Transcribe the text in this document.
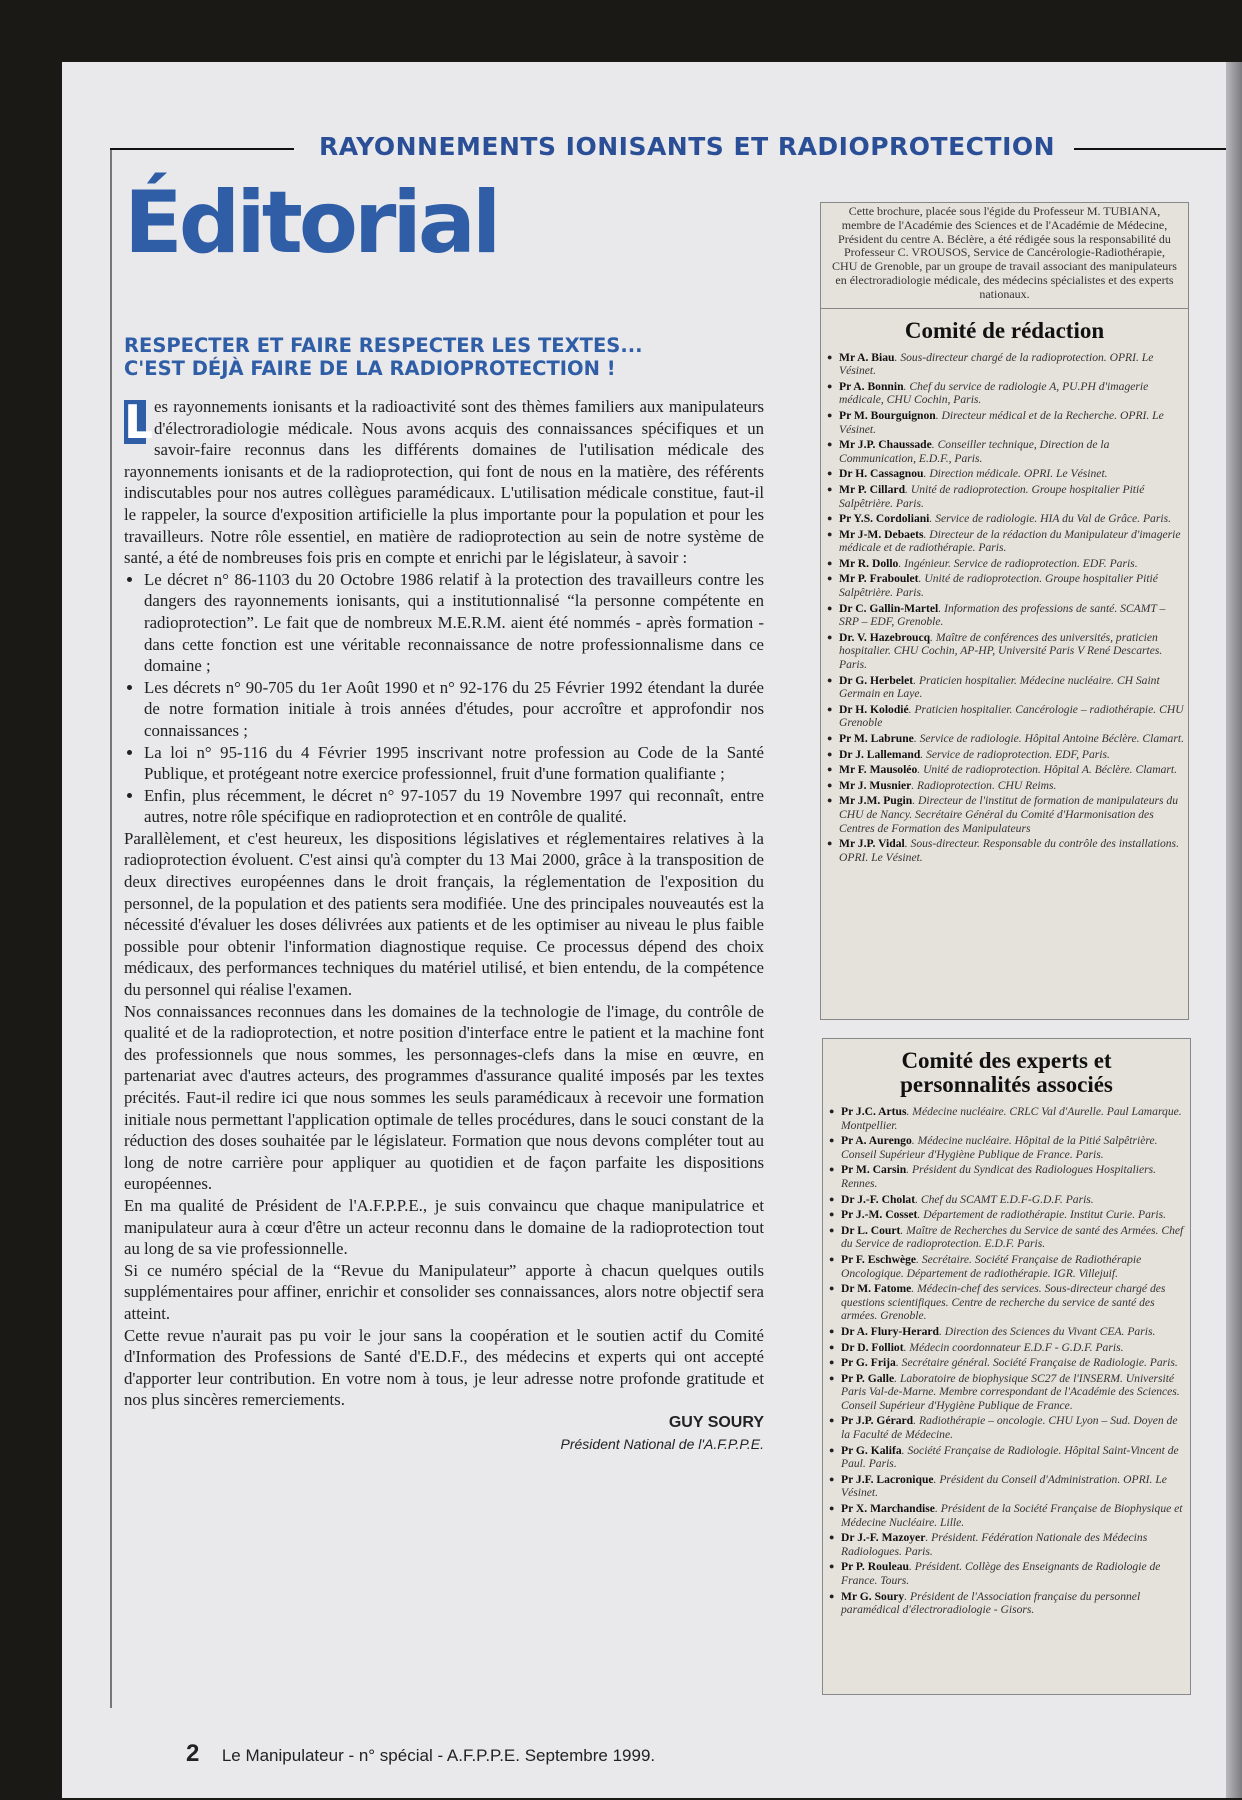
RAYONNEMENTS IONISANTS ET RADIOPROTECTION
Éditorial
RESPECTER ET FAIRE RESPECTER LES TEXTES...
C'EST DÉJÀ FAIRE DE LA RADIOPROTECTION !

L es rayonnements ionisants et la radioactivité sont des thèmes familiers aux manipulateurs d'électroradiologie médicale. Nous avons acquis des connaissances spécifiques et un savoir-faire reconnus dans les différents domaines de l'utilisation médicale des rayonnements ionisants et de la radioprotection, qui font de nous en la matière, des référents indiscutables pour nos autres collègues paramédicaux. L'utilisation médicale constitue, faut-il le rappeler, la source d'exposition artificielle la plus importante pour la population et pour les travailleurs. Notre rôle essentiel, en matière de radioprotection au sein de notre système de santé, a été de nombreuses fois pris en compte et enrichi par le législateur, à savoir :

• Le décret n° 86-1103 du 20 Octobre 1986 relatif à la protection des travailleurs contre les dangers des rayonnements ionisants, qui a institutionnalisé “la personne compétente en radioprotection”. Le fait que de nombreux M.E.R.M. aient été nommés - après formation - dans cette fonction est une véritable reconnaissance de notre professionnalisme dans ce domaine ;
• Les décrets n° 90-705 du 1er Août 1990 et n° 92-176 du 25 Février 1992 étendant la durée de notre formation initiale à trois années d'études, pour accroître et approfondir nos connaissances ;
• La loi n° 95-116 du 4 Février 1995 inscrivant notre profession au Code de la Santé Publique, et protégeant notre exercice professionnel, fruit d'une formation qualifiante ;
• Enfin, plus récemment, le décret n° 97-1057 du 19 Novembre 1997 qui reconnaît, entre autres, notre rôle spécifique en radioprotection et en contrôle de qualité.

Parallèlement, et c'est heureux, les dispositions législatives et réglementaires relatives à la radioprotection évoluent. C'est ainsi qu'à compter du 13 Mai 2000, grâce à la transposition de deux directives européennes dans le droit français, la réglementation de l'exposition du personnel, de la population et des patients sera modifiée. Une des principales nouveautés est la nécessité d'évaluer les doses délivrées aux patients et de les optimiser au niveau le plus faible possible pour obtenir l'information diagnostique requise. Ce processus dépend des choix médicaux, des performances techniques du matériel utilisé, et bien entendu, de la compétence du personnel qui réalise l'examen.

Nos connaissances reconnues dans les domaines de la technologie de l'image, du contrôle de qualité et de la radioprotection, et notre position d'interface entre le patient et la machine font des professionnels que nous sommes, les personnages-clefs dans la mise en œuvre, en partenariat avec d'autres acteurs, des programmes d'assurance qualité imposés par les textes précités. Faut-il redire ici que nous sommes les seuls paramédicaux à recevoir une formation initiale nous permettant l'application optimale de telles procédures, dans le souci constant de la réduction des doses souhaitée par le législateur. Formation que nous devons compléter tout au long de notre carrière pour appliquer au quotidien et de façon parfaite les dispositions européennes.

En ma qualité de Président de l'A.F.P.P.E., je suis convaincu que chaque manipulatrice et manipulateur aura à cœur d'être un acteur reconnu dans le domaine de la radioprotection tout au long de sa vie professionnelle.

Si ce numéro spécial de la “Revue du Manipulateur” apporte à chacun quelques outils supplémentaires pour affiner, enrichir et consolider ses connaissances, alors notre objectif sera atteint.

Cette revue n'aurait pas pu voir le jour sans la coopération et le soutien actif du Comité d'Information des Professions de Santé d'E.D.F., des médecins et experts qui ont accepté d'apporter leur contribution. En votre nom à tous, je leur adresse notre profonde gratitude et nos plus sincères remerciements.

GUY SOURY
Président National de l'A.F.P.P.E.
Cette brochure, placée sous l'égide du Professeur M. TUBIANA, membre de l'Académie des Sciences et de l'Académie de Médecine, Président du centre A. Béclère, a été rédigée sous la responsabilité du Professeur C. VROUSOS, Service de Cancérologie-Radiothérapie, CHU de Grenoble, par un groupe de travail associant des manipulateurs en électroradiologie médicale, des médecins spécialistes et des experts nationaux.
Comité de rédaction
● Mr A. Biau. Sous-directeur chargé de la radioprotection. OPRI. Le Vésinet.
● Pr A. Bonnin. Chef du service de radiologie A, PU.PH d'imagerie médicale, CHU Cochin, Paris.
● Pr M. Bourguignon. Directeur médical et de la Recherche. OPRI. Le Vésinet.
● Mr J.P. Chaussade. Conseiller technique, Direction de la Communication, E.D.F., Paris.
● Dr H. Cassagnou. Direction médicale. OPRI. Le Vésinet.
● Mr P. Cillard. Unité de radioprotection. Groupe hospitalier Pitié Salpêtrière. Paris.
● Pr Y.S. Cordoliani. Service de radiologie. HIA du Val de Grâce. Paris.
● Mr J-M. Debaets. Directeur de la rédaction du Manipulateur d'imagerie médicale et de radiothérapie. Paris.
● Mr R. Dollo. Ingénieur. Service de radioprotection. EDF. Paris.
● Mr P. Fraboulet. Unité de radioprotection. Groupe hospitalier Pitié Salpêtrière. Paris.
● Dr C. Gallin-Martel. Information des professions de santé. SCAMT – SRP – EDF, Grenoble.
● Dr. V. Hazebroucq. Maître de conférences des universités, praticien hospitalier. CHU Cochin, AP-HP, Université Paris V René Descartes. Paris.
● Dr G. Herbelet. Praticien hospitalier. Médecine nucléaire. CH Saint Germain en Laye.
● Dr H. Kolodié. Praticien hospitalier. Cancérologie – radiothérapie. CHU Grenoble
● Pr M. Labrune. Service de radiologie. Hôpital Antoine Béclère. Clamart.
● Dr J. Lallemand. Service de radioprotection. EDF, Paris.
● Mr F. Mausoléo. Unité de radioprotection. Hôpital A. Béclère. Clamart.
● Mr J. Musnier. Radioprotection. CHU Reims.
● Mr J.M. Pugin. Directeur de l'institut de formation de manipulateurs du CHU de Nancy. Secrétaire Général du Comité d'Harmonisation des Centres de Formation des Manipulateurs
● Mr J.P. Vidal. Sous-directeur. Responsable du contrôle des installations. OPRI. Le Vésinet.
Comité des experts et
personnalités associés
● Pr J.C. Artus. Médecine nucléaire. CRLC Val d'Aurelle. Paul Lamarque. Montpellier.
● Pr A. Aurengo. Médecine nucléaire. Hôpital de la Pitié Salpêtrière. Conseil Supérieur d'Hygiène Publique de France. Paris.
● Pr M. Carsin. Président du Syndicat des Radiologues Hospitaliers. Rennes.
● Dr J.-F. Cholat. Chef du SCAMT E.D.F-G.D.F. Paris.
● Pr J.-M. Cosset. Département de radiothérapie. Institut Curie. Paris.
● Dr L. Court. Maître de Recherches du Service de santé des Armées. Chef du Service de radioprotection. E.D.F. Paris.
● Pr F. Eschwège. Secrétaire. Société Française de Radiothérapie Oncologique. Département de radiothérapie. IGR. Villejuif.
● Dr M. Fatome. Médecin-chef des services. Sous-directeur chargé des questions scientifiques. Centre de recherche du service de santé des armées. Grenoble.
● Dr A. Flury-Herard. Direction des Sciences du Vivant CEA. Paris.
● Dr D. Folliot. Médecin coordonnateur E.D.F - G.D.F. Paris.
● Pr G. Frija. Secrétaire général. Société Française de Radiologie. Paris.
● Pr P. Galle. Laboratoire de biophysique SC27 de l'INSERM. Université Paris Val-de-Marne. Membre correspondant de l'Académie des Sciences. Conseil Supérieur d'Hygiène Publique de France.
● Pr J.P. Gérard. Radiothérapie – oncologie. CHU Lyon – Sud. Doyen de la Faculté de Médecine.
● Pr G. Kalifa. Société Française de Radiologie. Hôpital Saint-Vincent de Paul. Paris.
● Pr J.F. Lacronique. Président du Conseil d'Administration. OPRI. Le Vésinet.
● Pr X. Marchandise. Président de la Société Française de Biophysique et Médecine Nucléaire. Lille.
● Dr J.-F. Mazoyer. Président. Fédération Nationale des Médecins Radiologues. Paris.
● Pr P. Rouleau. Président. Collège des Enseignants de Radiologie de France. Tours.
● Mr G. Soury. Président de l'Association française du personnel paramédical d'électroradiologie - Gisors.
2 Le Manipulateur - n° spécial - A.F.P.P.E. Septembre 1999.
